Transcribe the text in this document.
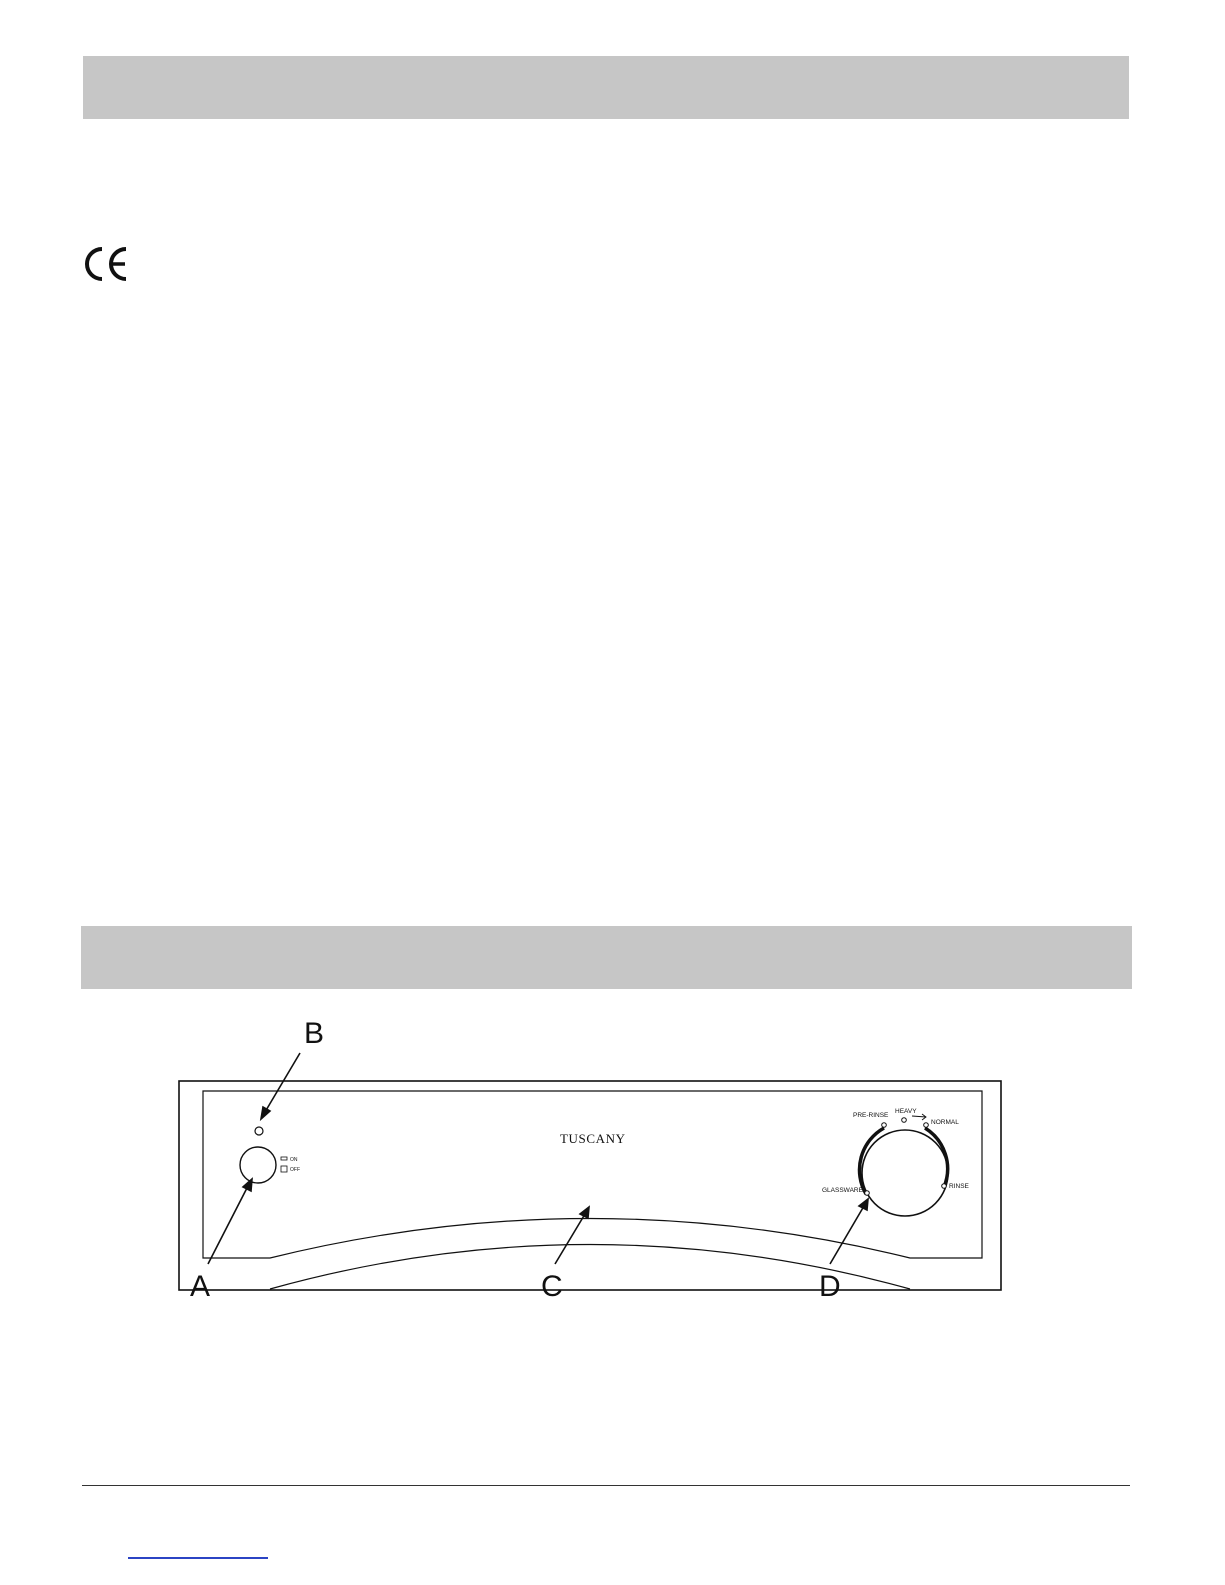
ON
OFF
TUSCANY
PRE-RINSE
HEAVY
NORMAL
RINSE
GLASSWARE
B
A	C	D
